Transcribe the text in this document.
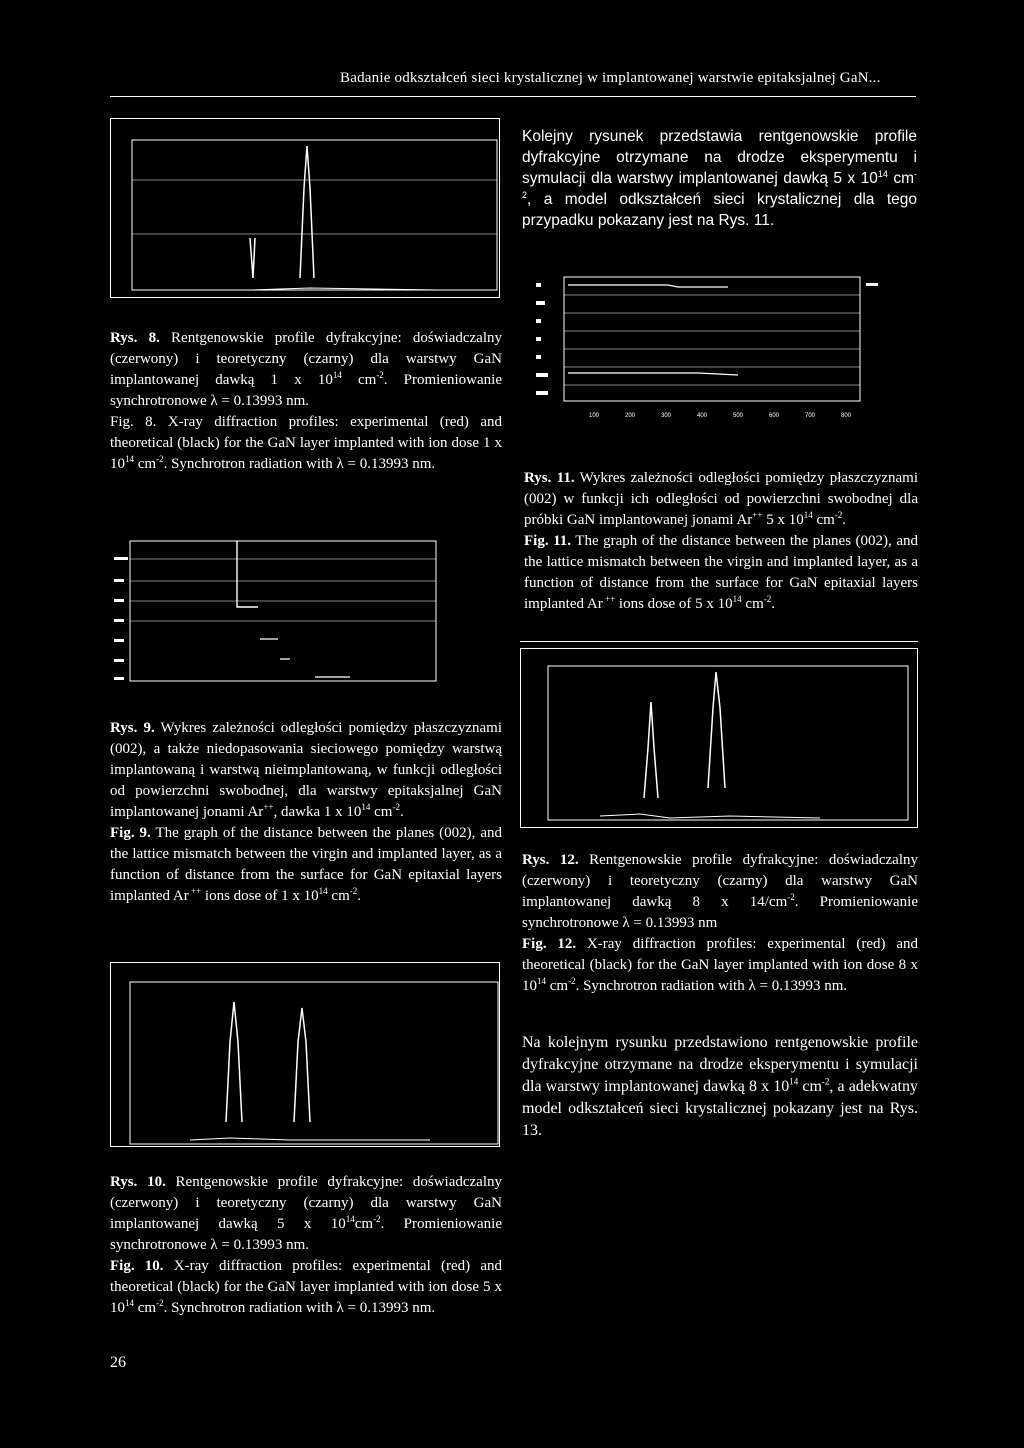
Badanie odkształceń sieci krystalicznej w implantowanej warstwie epitaksjalnej GaN...
Rys. 8. Rentgenowskie profile dyfrakcyjne: doświadczalny (czerwony) i teoretyczny (czarny) dla warstwy GaN implantowanej dawką 1 x $10^{14}$ $cm^{-2}$. Promieniowanie synchrotronowe λ = 0.13993 nm.
Fig. 8. X-ray diffraction profiles: experimental (red) and theoretical (black) for the GaN layer implanted with ion dose 1 x $10^{14}$ $cm^{-2}$. Synchrotron radiation with λ = 0.13993 nm.
Kolejny rysunek przedstawia rentgenowskie profile dyfrakcyjne otrzymane na drodze eksperymentu i symulacji dla warstwy implantowanej dawką 5 x $10^{14}$ $cm^{-2}$, a model odkształceń sieci krystalicznej dla tego przypadku pokazany jest na Rys. 11.
100	200	300	400	500	600	700	800
Rys. 11. Wykres zależności odległości pomiędzy płaszczyznami (002) w funkcji ich odległości od powierzchni swobodnej dla próbki GaN implantowanej jonami Ar++ 5 x $10^{14}$ $cm^{-2}$.
Fig. 11. The graph of the distance between the planes (002), and the lattice mismatch between the virgin and implanted layer, as a function of distance from the surface for GaN epitaxial layers implanted Ar ++ ions dose of 5 x $10^{14}$ $cm^{-2}$.
Rys. 9. Wykres zależności odległości pomiędzy płaszczyznami (002), a także niedopasowania sieciowego pomiędzy warstwą implantowaną i warstwą nieimplantowaną, w funkcji odległości od powierzchni swobodnej, dla warstwy epitaksjalnej GaN implantowanej jonami Ar++, dawka 1 x $10^{14}$ $cm^{-2}$.
Fig. 9. The graph of the distance between the planes (002), and the lattice mismatch between the virgin and implanted layer, as a function of distance from the surface for GaN epitaxial layers implanted Ar ++ ions dose of 1 x $10^{14}$ $cm^{-2}$.
Rys. 12. Rentgenowskie profile dyfrakcyjne: doświadczalny (czerwony) i teoretyczny (czarny) dla warstwy GaN implantowanej dawką 8 x $14/cm^{-2}$. Promieniowanie synchrotronowe λ = 0.13993 nm
Fig. 12. X-ray diffraction profiles: experimental (red) and theoretical (black) for the GaN layer implanted with ion dose 8 x $10^{14}$ $cm^{-2}$. Synchrotron radiation with λ = 0.13993 nm.
Na kolejnym rysunku przedstawiono rentgenowskie profile dyfrakcyjne otrzymane na drodze eksperymentu i symulacji dla warstwy implantowanej dawką 8 x $10^{14}$ $cm^{-2}$, a adekwatny model odkształceń sieci krystalicznej pokazany jest na Rys. 13.
Rys. 10. Rentgenowskie profile dyfrakcyjne: doświadczalny (czerwony) i teoretyczny (czarny) dla warstwy GaN implantowanej dawką 5 x $10^{14}cm^{-2}$. Promieniowanie synchrotronowe λ = 0.13993 nm.
Fig. 10. X-ray diffraction profiles: experimental (red) and theoretical (black) for the GaN layer implanted with ion dose 5 x $10^{14}$ $cm^{-2}$. Synchrotron radiation with λ = 0.13993 nm.
26
